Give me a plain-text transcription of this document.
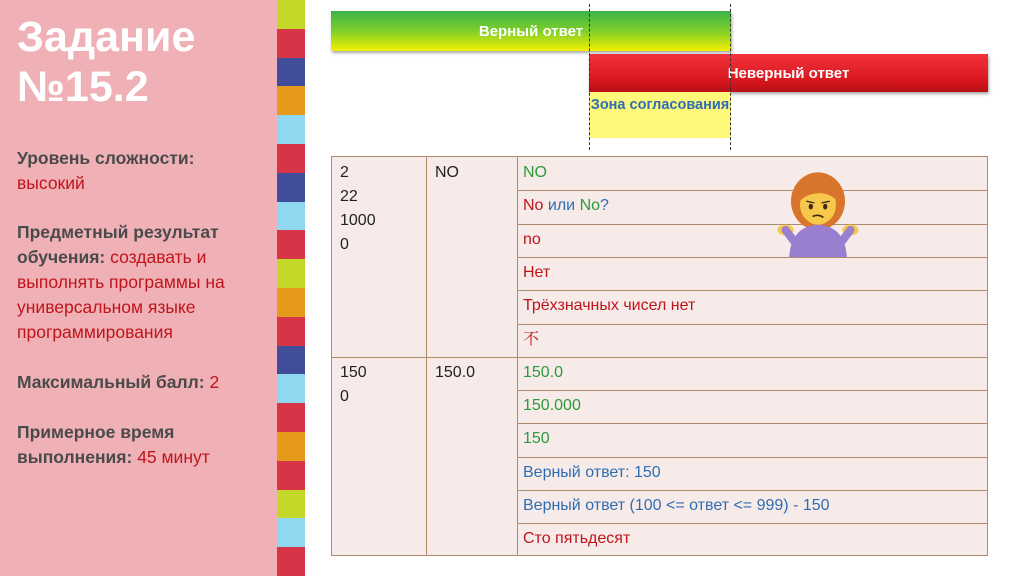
Задание №15.2
Уровень сложности:
высокий
Предметный результат обучения: создавать и выполнять программы на универсальном языке программирования
Максимальный балл: 2
Примерное время выполнения: 45 минут
Верный ответ
Неверный ответ
Зона согласования
2
22
1000
0
NO	NO
No или No?
no
Нет
Трёхзначных чисел нет
不
150
0
150.0	150.0
150.000
150
Верный ответ: 150
Верный ответ (100 <= ответ <= 999) - 150
Сто пятьдесят
